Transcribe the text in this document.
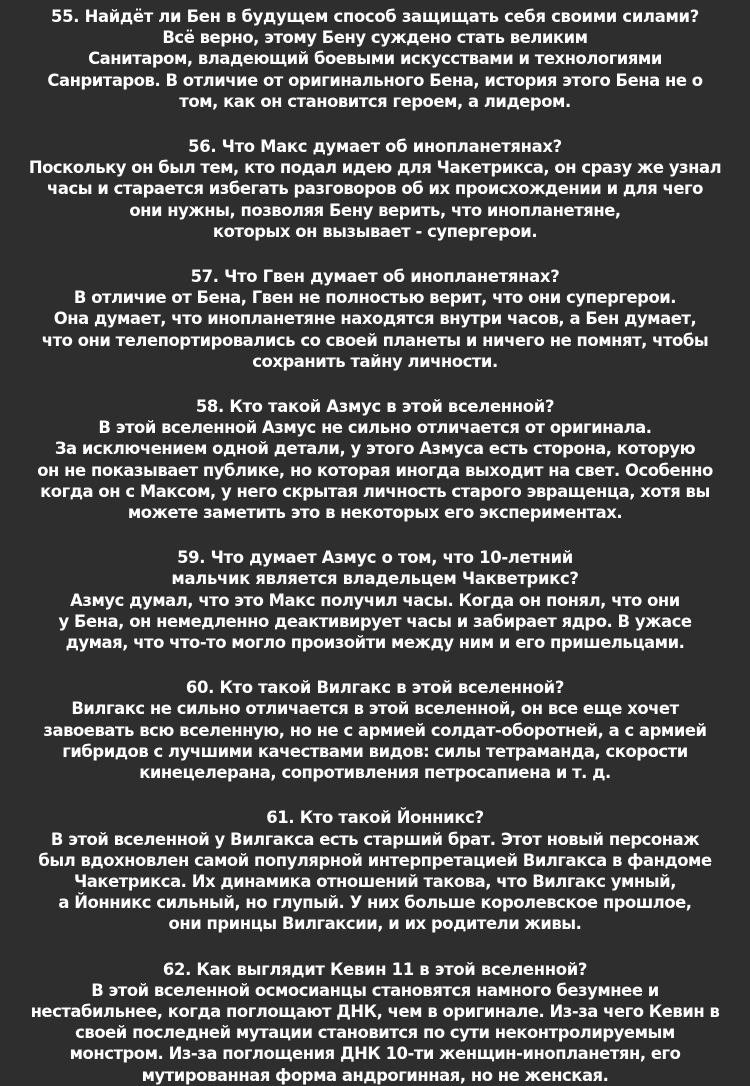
55. Найдёт ли Бен в будущем способ защищать себя своими силами?
Всё верно, этому Бену суждено стать великим
Санитаром, владеющий боевыми искусствами и технологиями
Санритаров. В отличие от оригинального Бена, история этого Бена не о
том, как он становится героем, а лидером.
56. Что Макс думает об инопланетянах?
Поскольку он был тем, кто подал идею для Чакетрикса, он сразу же узнал
часы и старается избегать разговоров об их происхождении и для чего
они нужны, позволяя Бену верить, что инопланетяне,
которых он вызывает - супергерои.
57. Что Гвен думает об инопланетянах?
В отличие от Бена, Гвен не полностью верит, что они супергерои.
Она думает, что инопланетяне находятся внутри часов, а Бен думает,
что они телепортировались со своей планеты и ничего не помнят, чтобы
сохранить тайну личности.
58. Кто такой Азмус в этой вселенной?
В этой вселенной Азмус не сильно отличается от оригинала.
За исключением одной детали, у этого Азмуса есть сторона, которую
он не показывает публике, но которая иногда выходит на свет. Особенно
когда он с Максом, у него скрытая личность старого эвращенца, хотя вы
можете заметить это в некоторых его экспериментах.
59. Что думает Азмус о том, что 10-летний
мальчик является владельцем Чакветрикс?
Азмус думал, что это Макс получил часы. Когда он понял, что они
у Бена, он немедленно деактивирует часы и забирает ядро. В ужасе
думая, что что-то могло произойти между ним и его пришельцами.
60. Кто такой Вилгакс в этой вселенной?
Вилгакс не сильно отличается в этой вселенной, он все еще хочет
завоевать всю вселенную, но не с армией солдат-оборотней, а с армией
гибридов с лучшими качествами видов: силы тетраманда, скорости
кинецелерана, сопротивления петросапиена и т. д.
61. Кто такой Йонникс?
В этой вселенной у Вилгакса есть старший брат. Этот новый персонаж
был вдохновлен самой популярной интерпретацией Вилгакса в фандоме
Чакетрикса. Их динамика отношений такова, что Вилгакс умный,
а Йонникс сильный, но глупый. У них больше королевское прошлое,
они принцы Вилгаксии, и их родители живы.
62. Как выглядит Кевин 11 в этой вселенной?
В этой вселенной осмосианцы становятся намного безумнее и
нестабильнее, когда поглощают ДНК, чем в оригинале. Из-за чего Кевин в
своей последней мутации становится по сути неконтролируемым
монстром. Из-за поглощения ДНК 10-ти женщин-инопланетян, его
мутированная форма андрогинная, но не женская.
